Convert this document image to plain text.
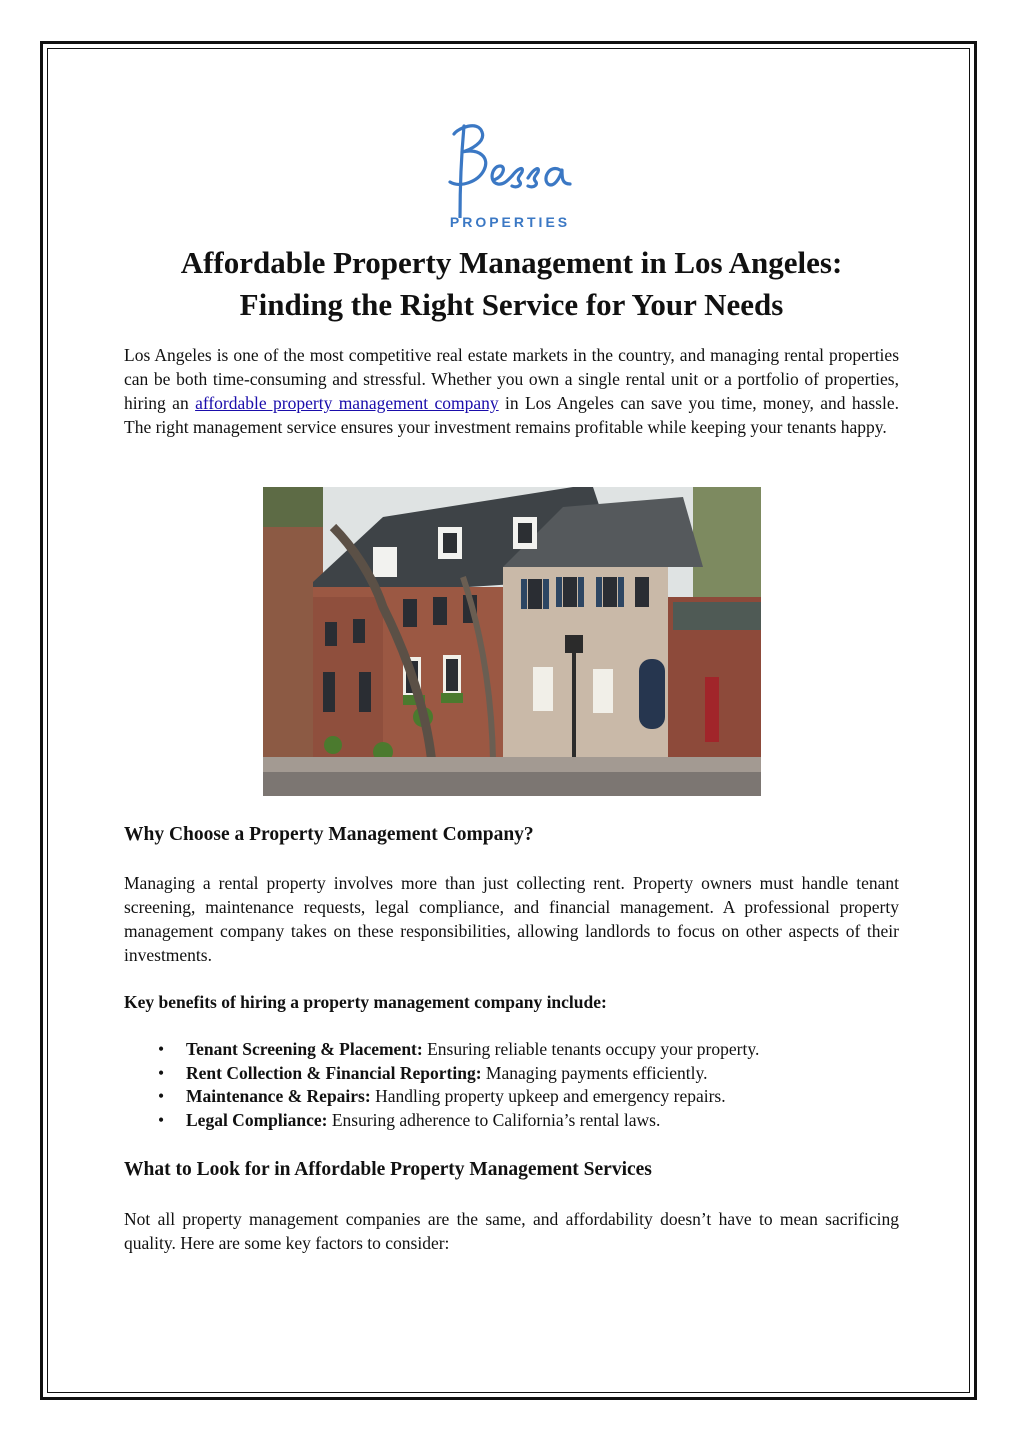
PROPERTIES
Affordable Property Management in Los Angeles:
Finding the Right Service for Your Needs

Los Angeles is one of the most competitive real estate markets in the country, and managing rental properties can be both time-consuming and stressful. Whether you own a single rental unit or a portfolio of properties, hiring an affordable property management company in Los Angeles can save you time, money, and hassle. The right management service ensures your investment remains profitable while keeping your tenants happy.

Why Choose a Property Management Company?

Managing a rental property involves more than just collecting rent. Property owners must handle tenant screening, maintenance requests, legal compliance, and financial management. A professional property management company takes on these responsibilities, allowing landlords to focus on other aspects of their investments.

Key benefits of hiring a property management company include:

• Tenant Screening & Placement: Ensuring reliable tenants occupy your property.
• Rent Collection & Financial Reporting: Managing payments efficiently.
• Maintenance & Repairs: Handling property upkeep and emergency repairs.
• Legal Compliance: Ensuring adherence to California’s rental laws.
What to Look for in Affordable Property Management Services

Not all property management companies are the same, and affordability doesn’t have to mean sacrificing quality. Here are some key factors to consider:
